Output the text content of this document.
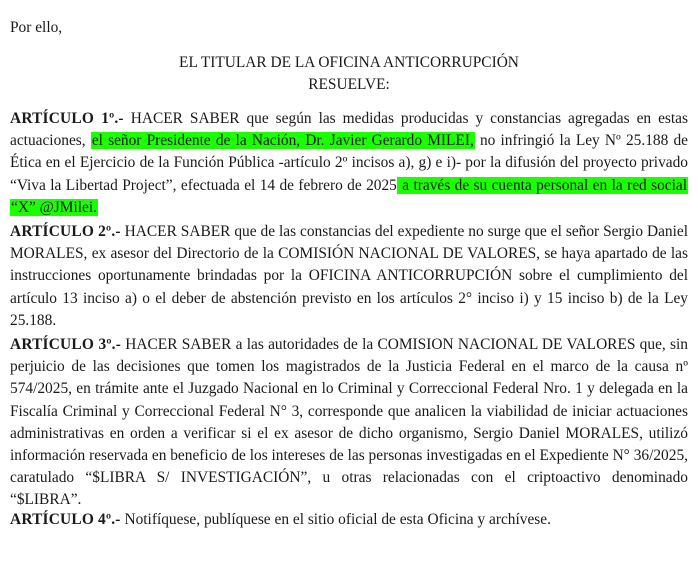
Por ello,
EL TITULAR DE LA OFICINA ANTICORRUPCIÓN
RESUELVE:

ARTÍCULO 1º.- HACER SABER que según las medidas producidas y constancias agregadas en estas actuaciones, el señor Presidente de la Nación, Dr. Javier Gerardo MILEI, no infringió la Ley Nº 25.188 de Ética en el Ejercicio de la Función Pública -artículo 2º incisos a), g) e i)- por la difusión del proyecto privado “Viva la Libertad Project”, efectuada el 14 de febrero de 2025 a través de su cuenta personal en la red social “X” @JMilei.

ARTÍCULO 2º.- HACER SABER que de las constancias del expediente no surge que el señor Sergio Daniel MORALES, ex asesor del Directorio de la COMISIÓN NACIONAL DE VALORES, se haya apartado de las instrucciones oportunamente brindadas por la OFICINA ANTICORRUPCIÓN sobre el cumplimiento del artículo 13 inciso a) o el deber de abstención previsto en los artículos 2° inciso i) y 15 inciso b) de la Ley 25.188.

ARTÍCULO 3º.- HACER SABER a las autoridades de la COMISION NACIONAL DE VALORES que, sin perjuicio de las decisiones que tomen los magistrados de la Justicia Federal en el marco de la causa nº 574/2025, en trámite ante el Juzgado Nacional en lo Criminal y Correccional Federal Nro. 1 y delegada en la Fiscalía Criminal y Correccional Federal N° 3, corresponde que analicen la viabilidad de iniciar actuaciones administrativas en orden a verificar si el ex asesor de dicho organismo, Sergio Daniel MORALES, utilizó información reservada en beneficio de los intereses de las personas investigadas en el Expediente N° 36/2025, caratulado “$LIBRA S/ INVESTIGACIÓN”, u otras relacionadas con el criptoactivo denominado “$LIBRA”.

ARTÍCULO 4º.- Notifíquese, publíquese en el sitio oficial de esta Oficina y archívese.
